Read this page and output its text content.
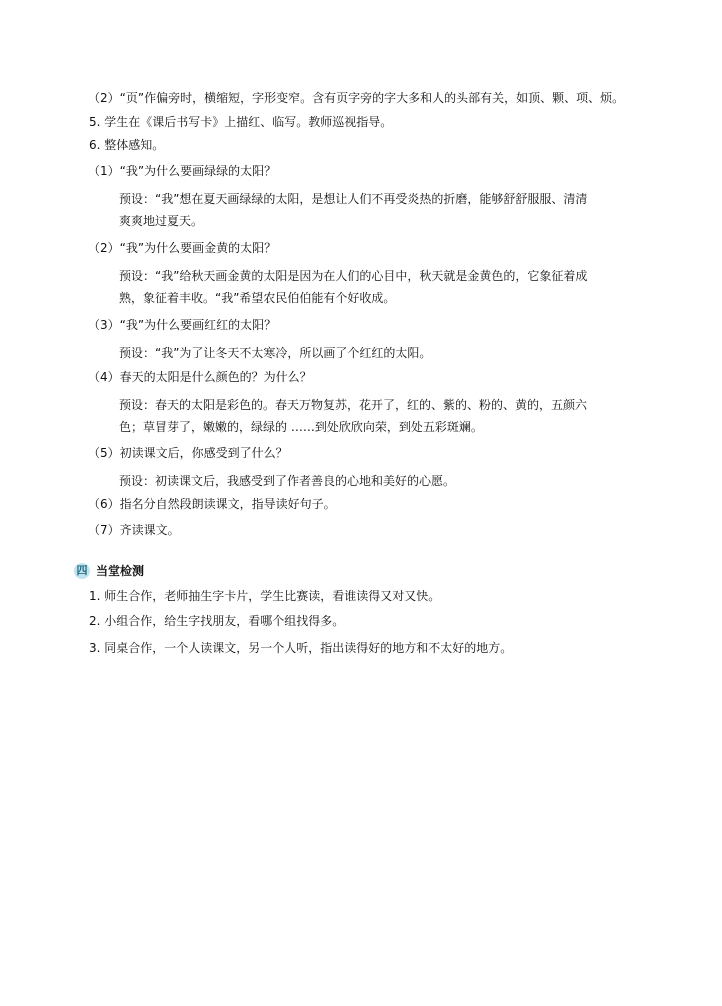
（2）“页”作偏旁时，横缩短，字形变窄。含有页字旁的字大多和人的头部有关，如顶、颗、项、烦。
5. 学生在《课后书写卡》上描红、临写。教师巡视指导。
6. 整体感知。
（1）“我”为什么要画绿绿的太阳？
预设：“我”想在夏天画绿绿的太阳，是想让人们不再受炎热的折磨，能够舒舒服服、清清
爽爽地过夏天。
（2）“我”为什么要画金黄的太阳？
预设：“我”给秋天画金黄的太阳是因为在人们的心目中，秋天就是金黄色的，它象征着成
熟，象征着丰收。“我”希望农民伯伯能有个好收成。
（3）“我”为什么要画红红的太阳？
预设：“我”为了让冬天不太寒冷，所以画了个红红的太阳。
（4）春天的太阳是什么颜色的？为什么？
预设：春天的太阳是彩色的。春天万物复苏，花开了，红的、紫的、粉的、黄的，五颜六
色；草冒芽了，嫩嫩的，绿绿的 ……到处欣欣向荣，到处五彩斑斓。
（5）初读课文后，你感受到了什么？
预设：初读课文后，我感受到了作者善良的心地和美好的心愿。
（6）指名分自然段朗读课文，指导读好句子。
（7）齐读课文。
四 当堂检测
1. 师生合作，老师抽生字卡片，学生比赛读，看谁读得又对又快。
2. 小组合作，给生字找朋友，看哪个组找得多。
3. 同桌合作，一个人读课文，另一个人听，指出读得好的地方和不太好的地方。
